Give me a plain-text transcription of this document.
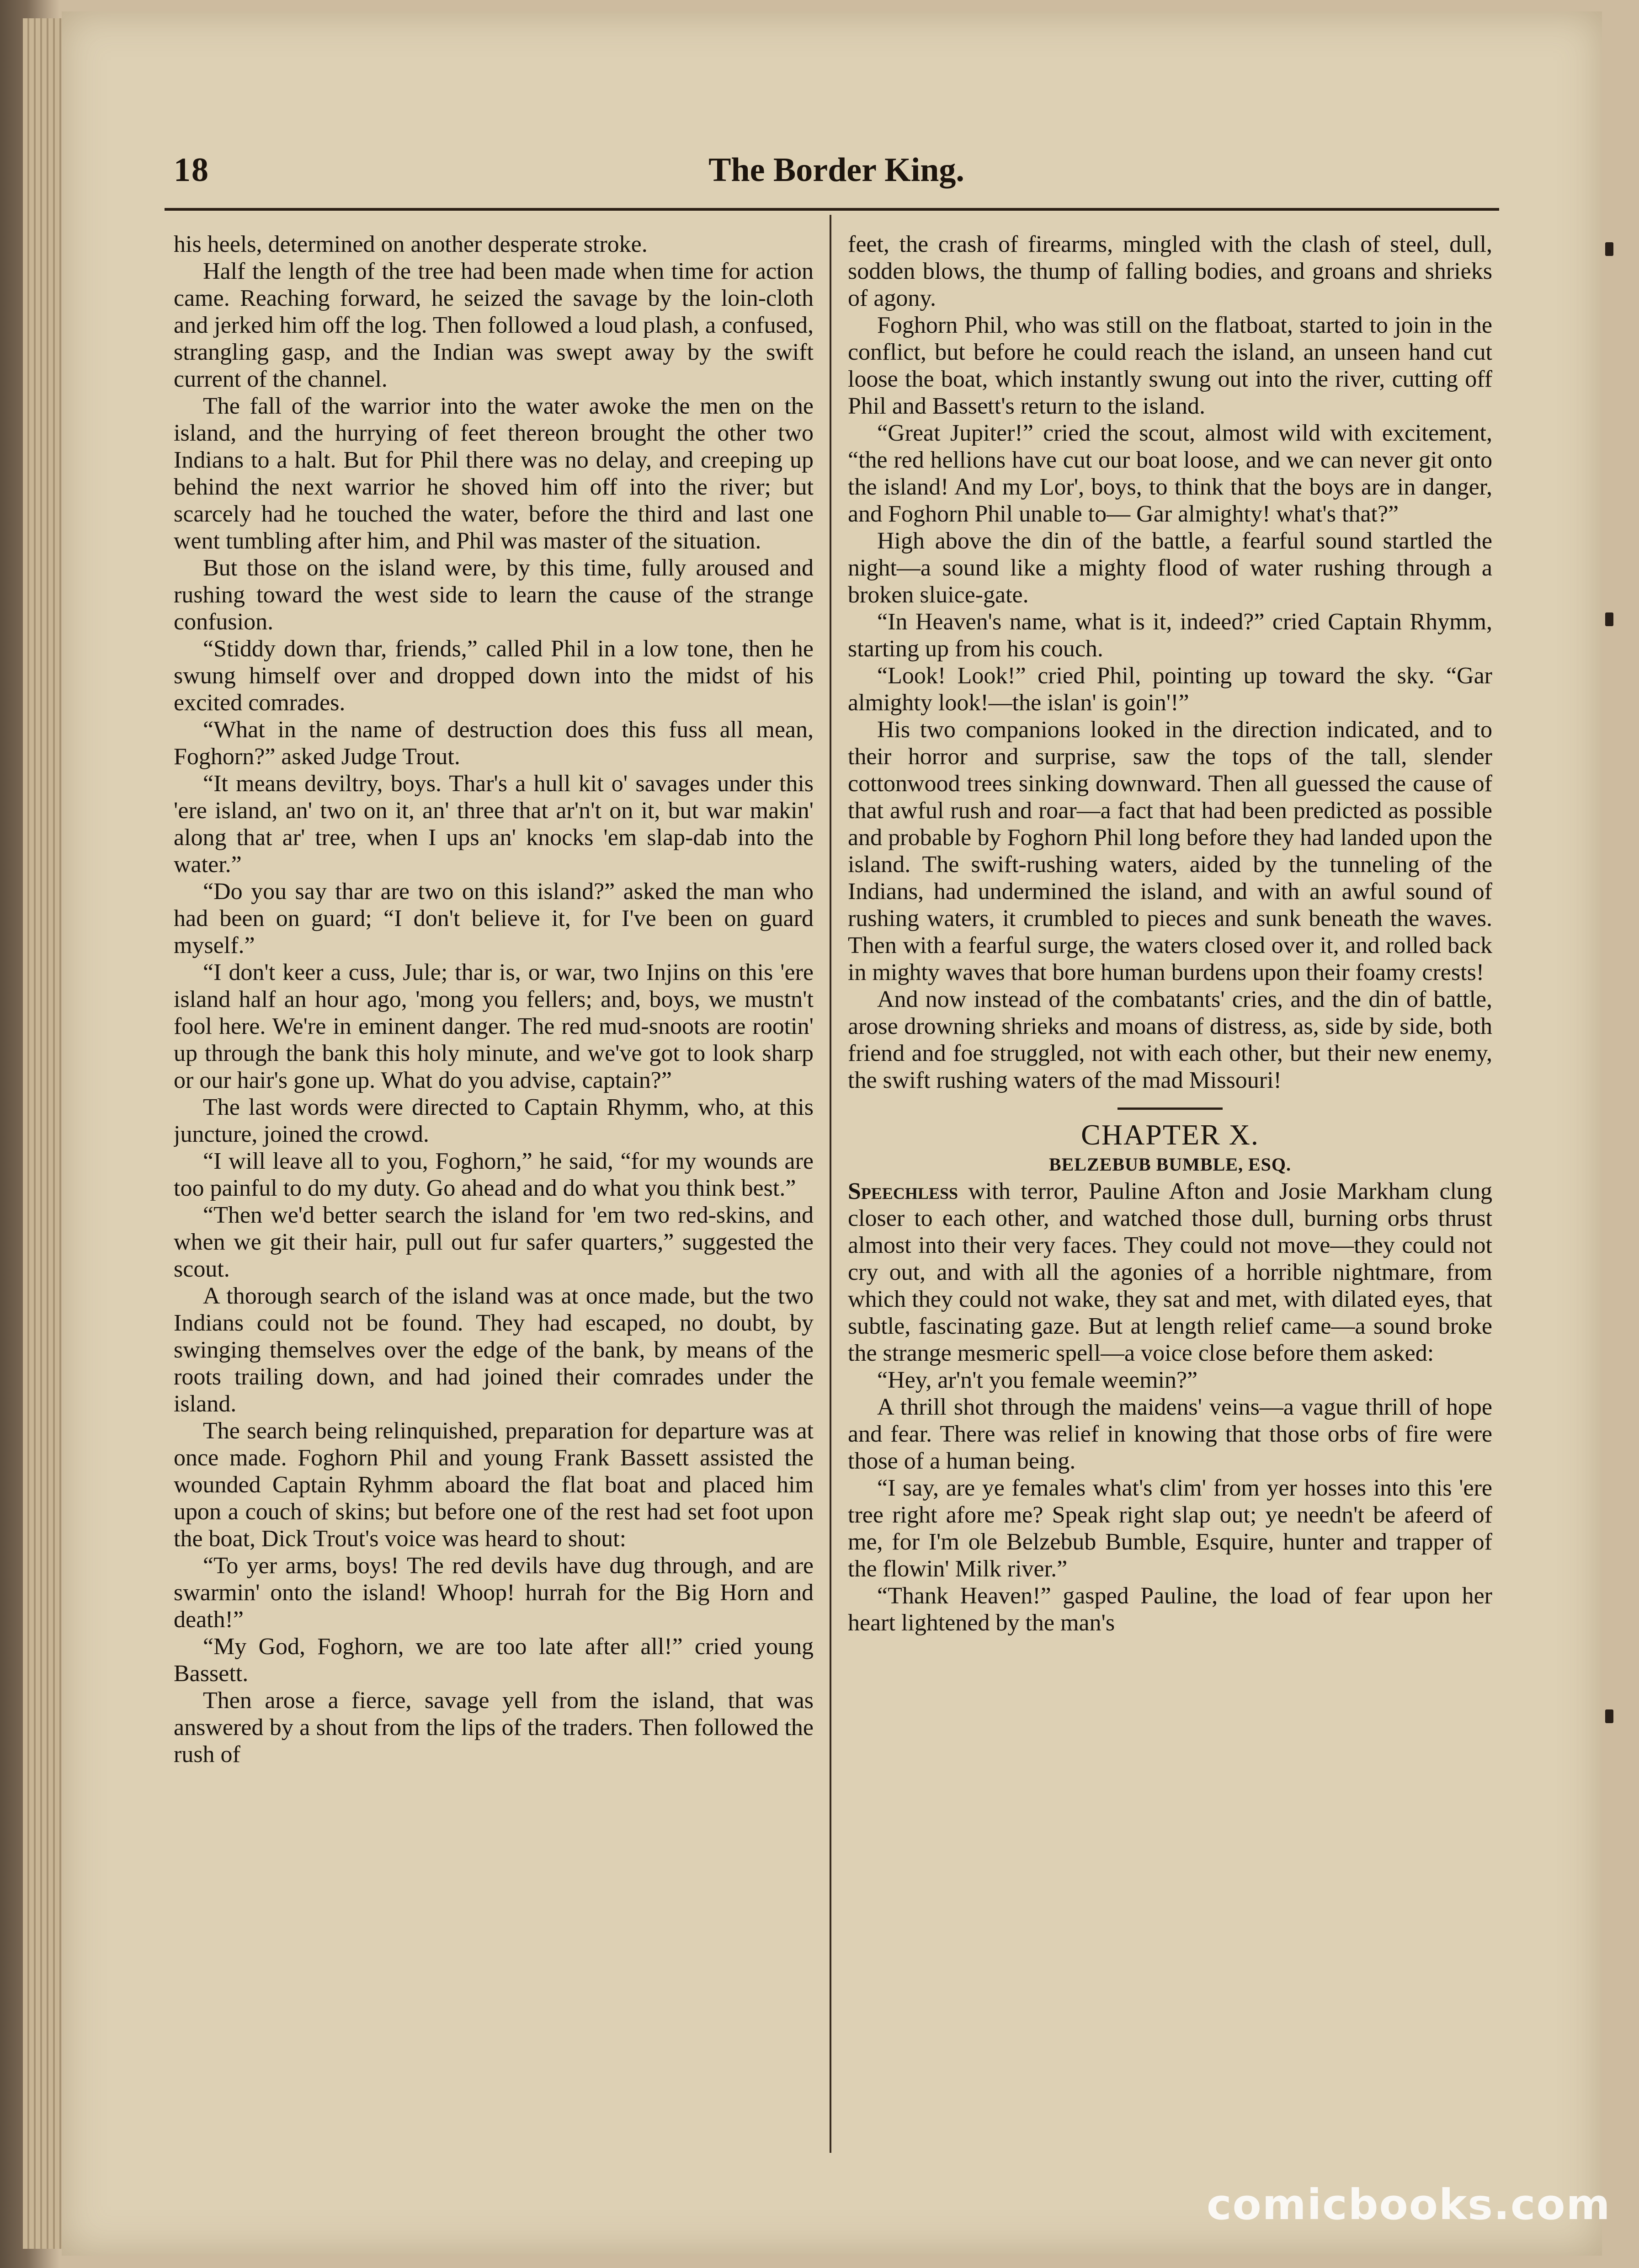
18	The Border King.

his heels, determined on another desperate stroke.

Half the length of the tree had been made when time for action came. Reaching forward, he seized the savage by the loin-cloth and jerked him off the log. Then followed a loud plash, a confused, strangling gasp, and the Indian was swept away by the swift current of the channel.

The fall of the warrior into the water awoke the men on the island, and the hurrying of feet thereon brought the other two Indians to a halt. But for Phil there was no delay, and creeping up behind the next warrior he shoved him off into the river; but scarcely had he touched the water, before the third and last one went tumbling after him, and Phil was master of the situation.

But those on the island were, by this time, fully aroused and rushing toward the west side to learn the cause of the strange confusion.

“Stiddy down thar, friends,” called Phil in a low tone, then he swung himself over and dropped down into the midst of his excited comrades.

“What in the name of destruction does this fuss all mean, Foghorn?” asked Judge Trout.

“It means deviltry, boys. Thar's a hull kit o' savages under this 'ere island, an' two on it, an' three that ar'n't on it, but war makin' along that ar' tree, when I ups an' knocks 'em slap-dab into the water.”

“Do you say thar are two on this island?” asked the man who had been on guard; “I don't believe it, for I've been on guard myself.”

“I don't keer a cuss, Jule; thar is, or war, two Injins on this 'ere island half an hour ago, 'mong you fellers; and, boys, we mustn't fool here. We're in eminent danger. The red mud-snoots are rootin' up through the bank this holy minute, and we've got to look sharp or our hair's gone up. What do you advise, captain?”

The last words were directed to Captain Rhymm, who, at this juncture, joined the crowd.

“I will leave all to you, Foghorn,” he said, “for my wounds are too painful to do my duty. Go ahead and do what you think best.”

“Then we'd better search the island for 'em two red-skins, and when we git their hair, pull out fur safer quarters,” suggested the scout.

A thorough search of the island was at once made, but the two Indians could not be found. They had escaped, no doubt, by swinging themselves over the edge of the bank, by means of the roots trailing down, and had joined their comrades under the island.

The search being relinquished, preparation for departure was at once made. Foghorn Phil and young Frank Bassett assisted the wounded Captain Ryhmm aboard the flat boat and placed him upon a couch of skins; but before one of the rest had set foot upon the boat, Dick Trout's voice was heard to shout:

“To yer arms, boys! The red devils have dug through, and are swarmin' onto the island! Whoop! hurrah for the Big Horn and death!”

“My God, Foghorn, we are too late after all!” cried young Bassett.

Then arose a fierce, savage yell from the island, that was answered by a shout from the lips of the traders. Then followed the rush of

feet, the crash of firearms, mingled with the clash of steel, dull, sodden blows, the thump of falling bodies, and groans and shrieks of agony.

Foghorn Phil, who was still on the flatboat, started to join in the conflict, but before he could reach the island, an unseen hand cut loose the boat, which instantly swung out into the river, cutting off Phil and Bassett's return to the island.

“Great Jupiter!” cried the scout, almost wild with excitement, “the red hellions have cut our boat loose, and we can never git onto the island! And my Lor', boys, to think that the boys are in danger, and Foghorn Phil unable to— Gar almighty! what's that?”

High above the din of the battle, a fearful sound startled the night—a sound like a mighty flood of water rushing through a broken sluice-gate.

“In Heaven's name, what is it, indeed?” cried Captain Rhymm, starting up from his couch.

“Look! Look!” cried Phil, pointing up toward the sky. “Gar almighty look!—the islan' is goin'!”

His two companions looked in the direction indicated, and to their horror and surprise, saw the tops of the tall, slender cottonwood trees sinking downward. Then all guessed the cause of that awful rush and roar—a fact that had been predicted as possible and probable by Foghorn Phil long before they had landed upon the island. The swift-rushing waters, aided by the tunneling of the Indians, had undermined the island, and with an awful sound of rushing waters, it crumbled to pieces and sunk beneath the waves. Then with a fearful surge, the waters closed over it, and rolled back in mighty waves that bore human burdens upon their foamy crests!

And now instead of the combatants' cries, and the din of battle, arose drowning shrieks and moans of distress, as, side by side, both friend and foe struggled, not with each other, but their new enemy, the swift rushing waters of the mad Missouri!

CHAPTER X.

BELZEBUB BUMBLE, ESQ.

Speechless with terror, Pauline Afton and Josie Markham clung closer to each other, and watched those dull, burning orbs thrust almost into their very faces. They could not move—they could not cry out, and with all the agonies of a horrible nightmare, from which they could not wake, they sat and met, with dilated eyes, that subtle, fascinating gaze. But at length relief came—a sound broke the strange mesmeric spell—a voice close before them asked:

“Hey, ar'n't you female weemin?”

A thrill shot through the maidens' veins—a vague thrill of hope and fear. There was relief in knowing that those orbs of fire were those of a human being.

“I say, are ye females what's clim' from yer hosses into this 'ere tree right afore me? Speak right slap out; ye needn't be afeerd of me, for I'm ole Belzebub Bumble, Esquire, hunter and trapper of the flowin' Milk river.”

“Thank Heaven!” gasped Pauline, the load of fear upon her heart lightened by the man's

comicbooks.com
